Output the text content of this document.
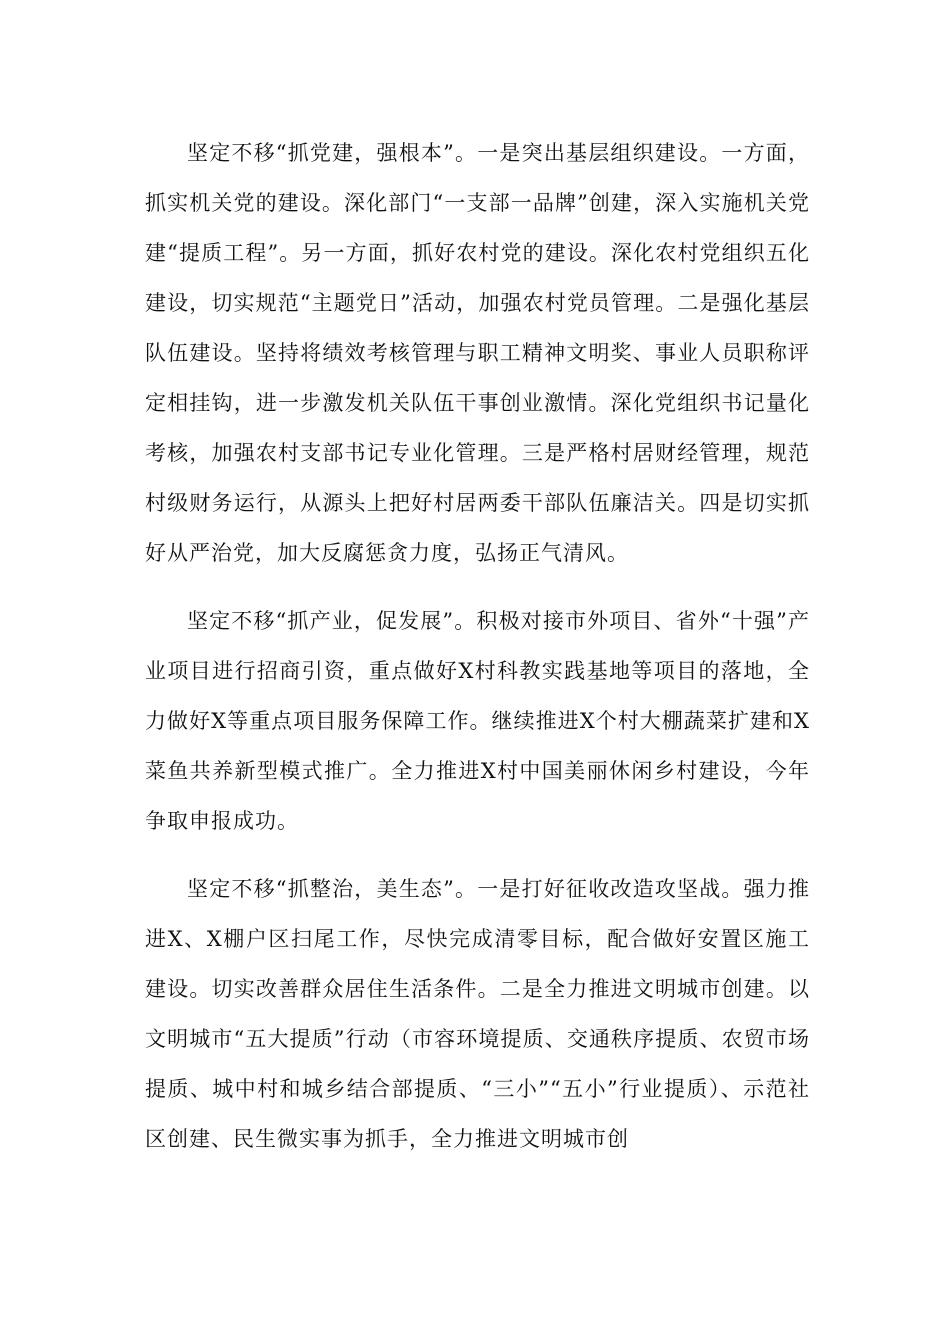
坚定不移“抓党建，强根本”。一是突出基层组织建设。一方面，抓实机关党的建设。深化部门“一支部一品牌”创建，深入实施机关党建“提质工程”。另一方面，抓好农村党的建设。深化农村党组织五化建设，切实规范“主题党日”活动，加强农村党员管理。二是强化基层队伍建设。坚持将绩效考核管理与职工精神文明奖、事业人员职称评定相挂钩，进一步激发机关队伍干事创业激情。深化党组织书记量化考核，加强农村支部书记专业化管理。三是严格村居财经管理，规范村级财务运行，从源头上把好村居两委干部队伍廉洁关。四是切实抓好从严治党，加大反腐惩贪力度，弘扬正气清风。

坚定不移“抓产业，促发展”。积极对接市外项目、省外“十强”产业项目进行招商引资，重点做好X村科教实践基地等项目的落地，全力做好X等重点项目服务保障工作。继续推进X个村大棚蔬菜扩建和X菜鱼共养新型模式推广。全力推进X村中国美丽休闲乡村建设，今年争取申报成功。

坚定不移“抓整治，美生态”。一是打好征收改造攻坚战。强力推进X、X棚户区扫尾工作，尽快完成清零目标，配合做好安置区施工建设。切实改善群众居住生活条件。二是全力推进文明城市创建。以文明城市“五大提质”行动（市容环境提质、交通秩序提质、农贸市场提质、城中村和城乡结合部提质、“三小”“五小”行业提质）、示范社区创建、民生微实事为抓手，全力推进文明城市创
